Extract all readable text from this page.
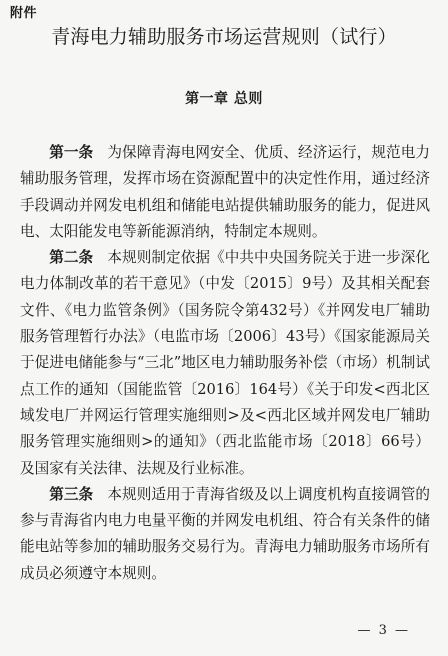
附件
青海电力辅助服务市场运营规则（试行）
第一章 总则

第一条 为保障青海电网安全、优质、经济运行，规范电力辅助服务管理，发挥市场在资源配置中的决定性作用，通过经济手段调动并网发电机组和储能电站提供辅助服务的能力，促进风电、太阳能发电等新能源消纳，特制定本规则。

第二条 本规则制定依据《中共中央国务院关于进一步深化电力体制改革的若干意见》（中发〔2015〕9号）及其相关配套文件、《电力监管条例》（国务院令第432号）《并网发电厂辅助服务管理暂行办法》（电监市场〔2006〕43号）《国家能源局关于促进电储能参与“三北”地区电力辅助服务补偿（市场）机制试点工作的通知（国能监管〔2016〕164号）《关于印发<西北区域发电厂并网运行管理实施细则>及<西北区域并网发电厂辅助服务管理实施细则>的通知》（西北监能市场〔2018〕66号）及国家有关法律、法规及行业标准。

第三条 本规则适用于青海省级及以上调度机构直接调管的参与青海省内电力电量平衡的并网发电机组、符合有关条件的储能电站等参加的辅助服务交易行为。青海电力辅助服务市场所有成员必须遵守本规则。

— 3 —
